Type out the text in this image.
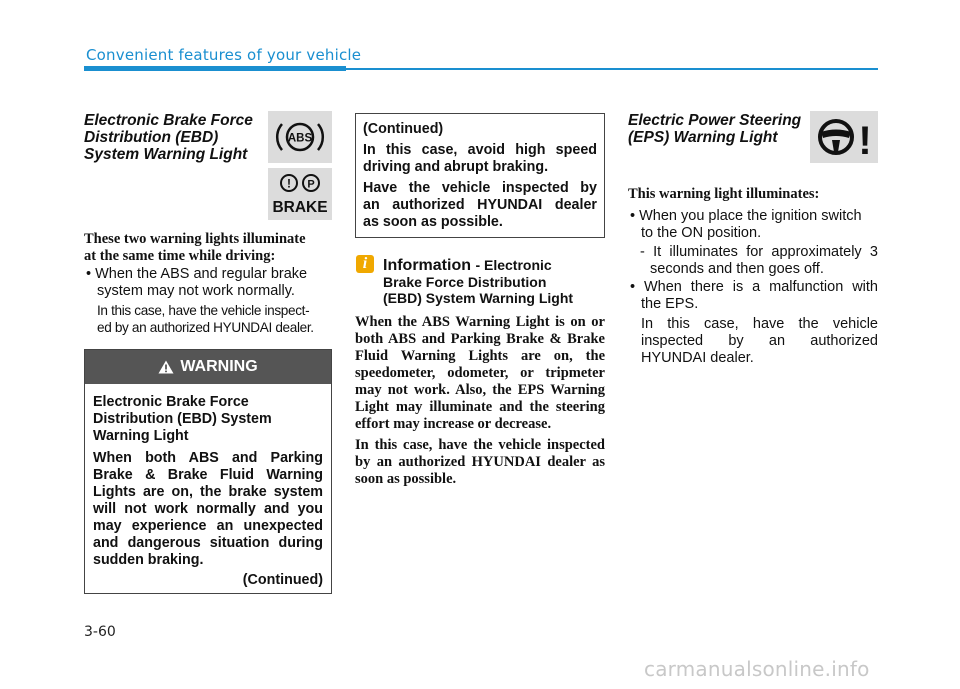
Convenient features of your vehicle
Electronic Brake Force
Distribution (EBD)
System Warning Light
ABS
! P
BRAKE
These two warning lights illuminate
at the same time while driving:
• When the ABS and regular brake
system may not work normally.
In this case, have the vehicle inspect-
ed by an authorized HYUNDAI dealer.
WARNING
Electronic Brake Force
Distribution (EBD) System
Warning Light
When both ABS and Parking
Brake & Brake Fluid Warning
Lights are on, the brake system
will not work normally and you
may experience an unexpected
and dangerous situation during
sudden braking.
(Continued)
(Continued)
In this case, avoid high speed
driving and abrupt braking.
Have the vehicle inspected by
an authorized HYUNDAI dealer
as soon as possible.
i Information - Electronic
Brake Force Distribution
(EBD) System Warning Light
When the ABS Warning Light is on or
both ABS and Parking Brake & Brake
Fluid Warning Lights are on, the
speedometer, odometer, or tripmeter
may not work. Also, the EPS Warning
Light may illuminate and the steering
effort may increase or decrease.
In this case, have the vehicle inspected
by an authorized HYUNDAI dealer as
soon as possible.
Electric Power Steering
(EPS) Warning Light	!
This warning light illuminates:
• When you place the ignition switch
to the ON position.
- It illuminates for approximately 3
seconds and then goes off.
• When there is a malfunction with
the EPS.
In this case, have the vehicle
inspected by an authorized
HYUNDAI dealer.
3-60
carmanualsonline.info
